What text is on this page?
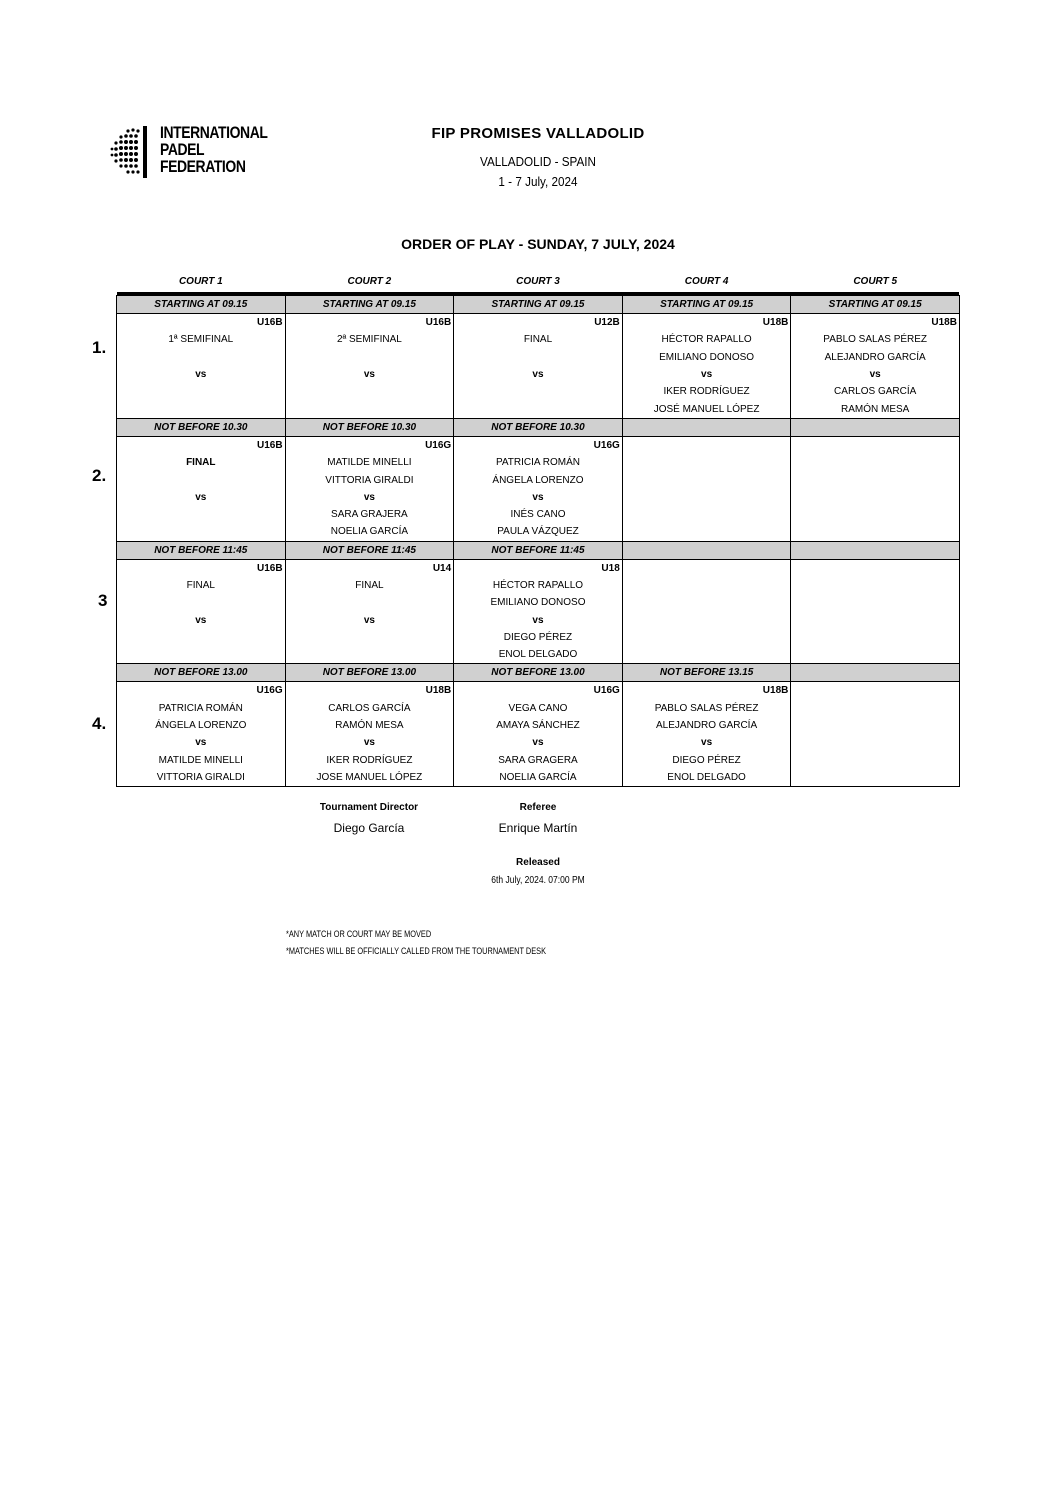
INTERNATIONAL
PADEL
FEDERATION
FIP PROMISES VALLADOLID
VALLADOLID - SPAIN
1 - 7 July, 2024
ORDER OF PLAY - SUNDAY, 7 JULY, 2024
COURT 1	COURT 2	COURT 3	COURT 4	COURT 5

STARTING AT 09.15	STARTING AT 09.15	STARTING AT 09.15	STARTING AT 09.15	STARTING AT 09.15
U16B	U16B	U12B	U18B	U18B
1ª SEMIFINAL	2ª SEMIFINAL	FINAL	HÉCTOR RAPALLO	PABLO SALAS PÉREZ
			EMILIANO DONOSO	ALEJANDRO GARCÍA
vs	vs	vs	vs	vs
			IKER RODRÍGUEZ	CARLOS GARCÍA
			JOSÉ MANUEL LÓPEZ	RAMÓN MESA
NOT BEFORE 10.30	NOT BEFORE 10.30	NOT BEFORE 10.30		
U16B	U16G	U16G		
FINAL	MATILDE MINELLI	PATRICIA ROMÁN		
	VITTORIA GIRALDI	ÁNGELA LORENZO		
vs	vs	vs		
	SARA GRAJERA	INÉS CANO		
	NOELIA GARCÍA	PAULA VÁZQUEZ		
NOT BEFORE 11:45	NOT BEFORE 11:45	NOT BEFORE 11:45		
U16B	U14	U18		
FINAL	FINAL	HÉCTOR RAPALLO		
		EMILIANO DONOSO		
vs	vs	vs		
		DIEGO PÉREZ		
		ENOL DELGADO		
NOT BEFORE 13.00	NOT BEFORE 13.00	NOT BEFORE 13.00	NOT BEFORE 13.15	
U16G	U18B	U16G	U18B	
PATRICIA ROMÁN	CARLOS GARCÍA	VEGA CANO	PABLO SALAS PÉREZ	
ÁNGELA LORENZO	RAMÓN MESA	AMAYA SÁNCHEZ	ALEJANDRO GARCÍA	
vs	vs	vs	vs	
MATILDE MINELLI	IKER RODRÍGUEZ	SARA GRAGERA	DIEGO PÉREZ	
VITTORIA GIRALDI	JOSE MANUEL LÓPEZ	NOELIA GARCÍA	ENOL DELGADO	
1.
2.
3
4.
Tournament Director
Diego García
Referee
Enrique Martín
Released
6th July, 2024. 07:00 PM
*ANY MATCH OR COURT MAY BE MOVED
*MATCHES WILL BE OFFICIALLY CALLED FROM THE TOURNAMENT DESK
